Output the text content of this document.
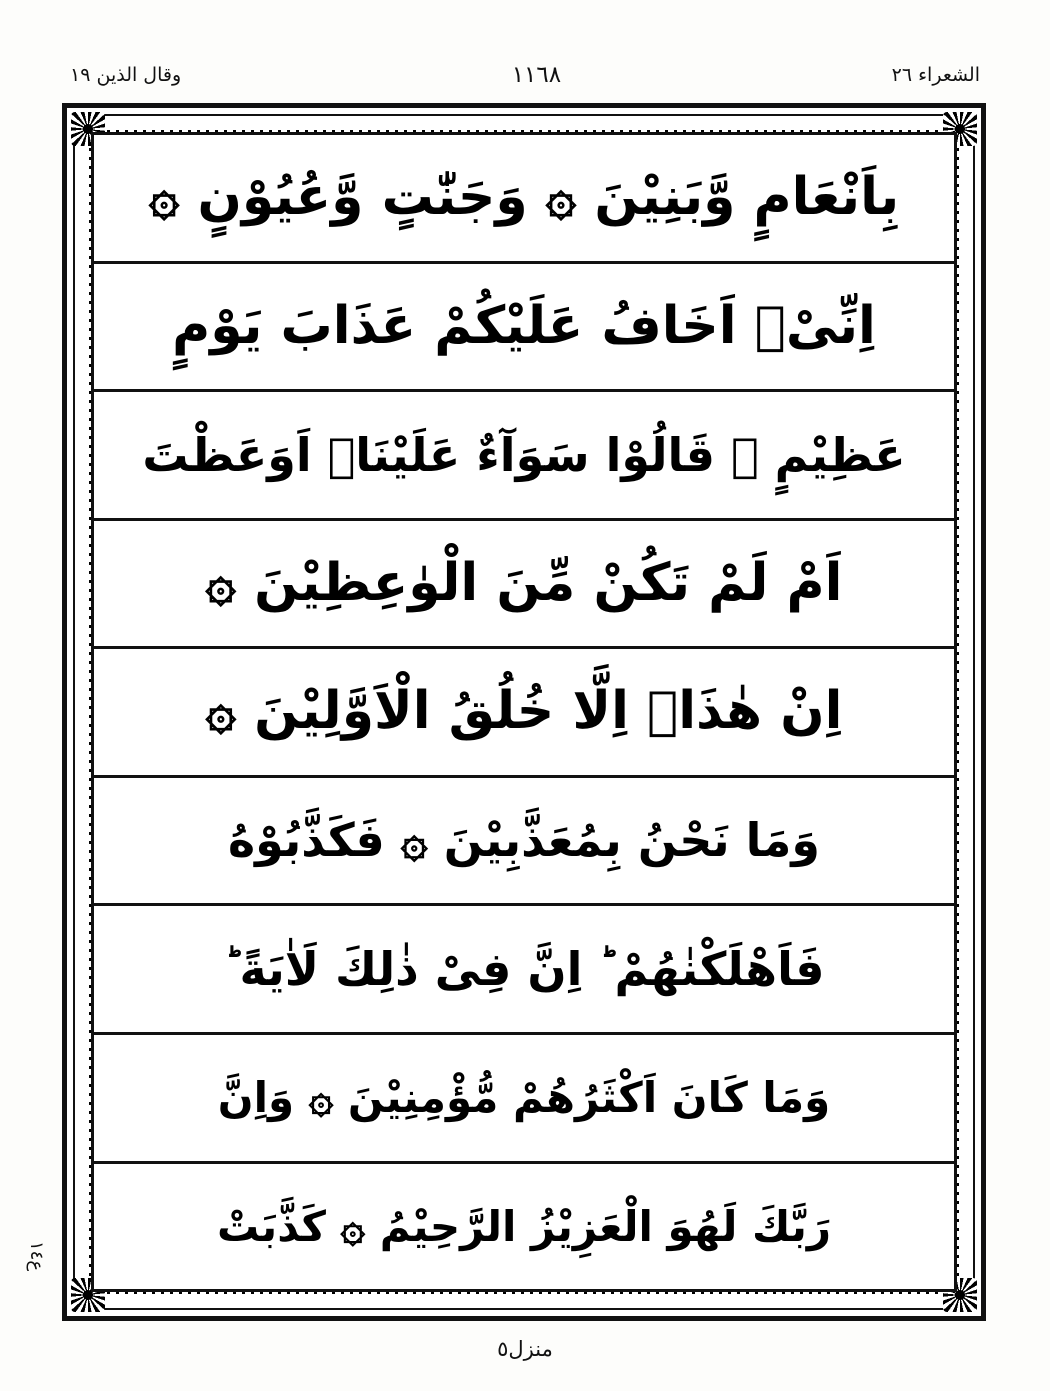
الشعراء ٢٦
١١٦٨
وقال الذين ١٩
ع١٤
بِاَنْعَامٍ وَّبَنِيْنَ ۞ وَجَنّٰتٍ وَّعُيُوْنٍ ۞
اِنِّىْۤ اَخَافُ عَلَيْكُمْ عَذَابَ يَوْمٍ
عَظِيْمٍ ۞ قَالُوْا سَوَآءٌ عَلَيْنَاۤ اَوَعَظْتَ
اَمْ لَمْ تَكُنْ مِّنَ الْوٰعِظِيْنَ ۞
اِنْ هٰذَاۤ اِلَّا خُلُقُ الْاَوَّلِيْنَ ۞
وَمَا نَحْنُ بِمُعَذَّبِيْنَ ۞ فَكَذَّبُوْهُ
فَاَهْلَكْنٰهُمْ ؕ اِنَّ فِىْ ذٰلِكَ لَاٰيَةً ؕ
وَمَا كَانَ اَكْثَرُهُمْ مُّؤْمِنِيْنَ ۞ وَاِنَّ
رَبَّكَ لَهُوَ الْعَزِيْزُ الرَّحِيْمُ ۞ كَذَّبَتْ
منزل٥
